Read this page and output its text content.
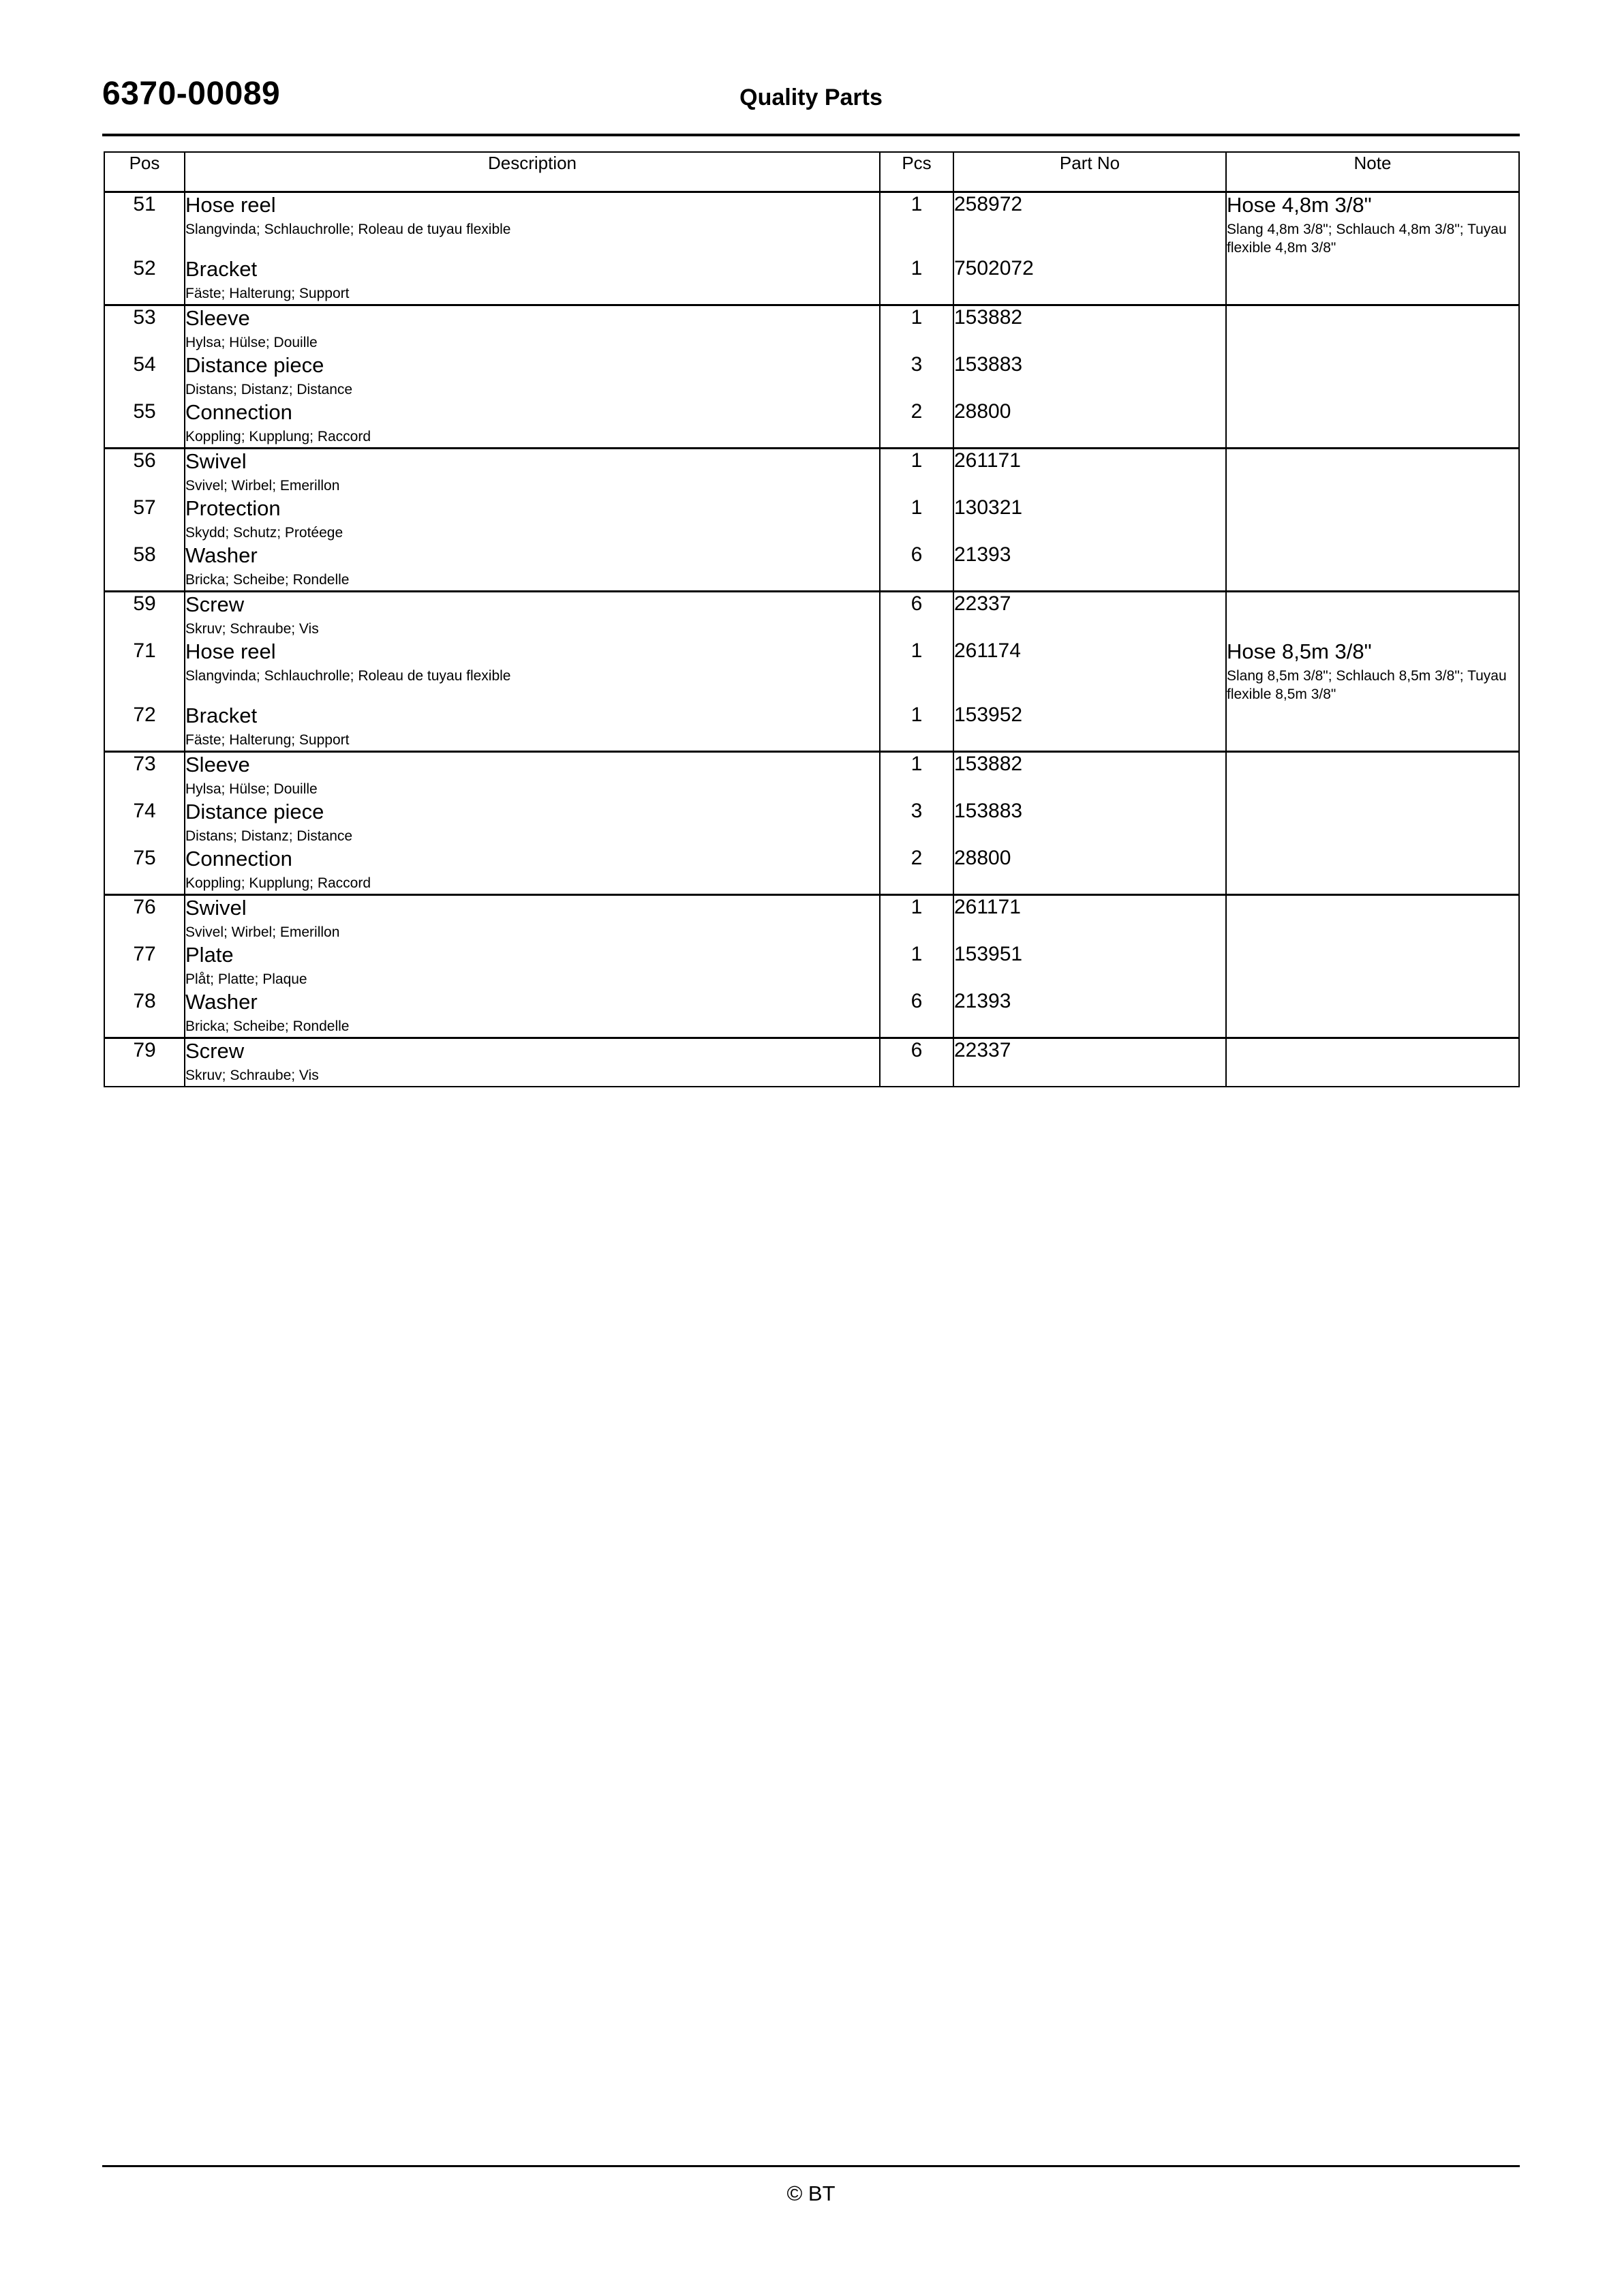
6370-00089	Quality Parts
Pos	Description	Pcs	Part No	Note
51	Hose reel
Slangvinda; Schlauchrolle; Roleau de tuyau flexible
	1	258972	Hose 4,8m 3/8"
Slang 4,8m 3/8"; Schlauch 4,8m 3/8"; Tuyau flexible 4,8m 3/8"

52	Bracket
Fäste; Halterung; Support	1	7502072	
53	Sleeve
Hylsa; Hülse; Douille	1	153882	
54	Distance piece
Distans; Distanz; Distance	3	153883	
55	Connection
Koppling; Kupplung; Raccord	2	28800	
56	Swivel
Svivel; Wirbel; Emerillon	1	261171	
57	Protection
Skydd; Schutz; Protéege	1	130321	
58	Washer
Bricka; Scheibe; Rondelle	6	21393	
59	Screw
Skruv; Schraube; Vis	6	22337	
71	Hose reel
Slangvinda; Schlauchrolle; Roleau de tuyau flexible
	1	261174	Hose 8,5m 3/8"
Slang 8,5m 3/8"; Schlauch 8,5m 3/8"; Tuyau flexible 8,5m 3/8"

72	Bracket
Fäste; Halterung; Support	1	153952	
73	Sleeve
Hylsa; Hülse; Douille	1	153882	
74	Distance piece
Distans; Distanz; Distance	3	153883	
75	Connection
Koppling; Kupplung; Raccord	2	28800	
76	Swivel
Svivel; Wirbel; Emerillon	1	261171	
77	Plate
Plåt; Platte; Plaque	1	153951	
78	Washer
Bricka; Scheibe; Rondelle	6	21393	
79	Screw
Skruv; Schraube; Vis	6	22337	
© BT
